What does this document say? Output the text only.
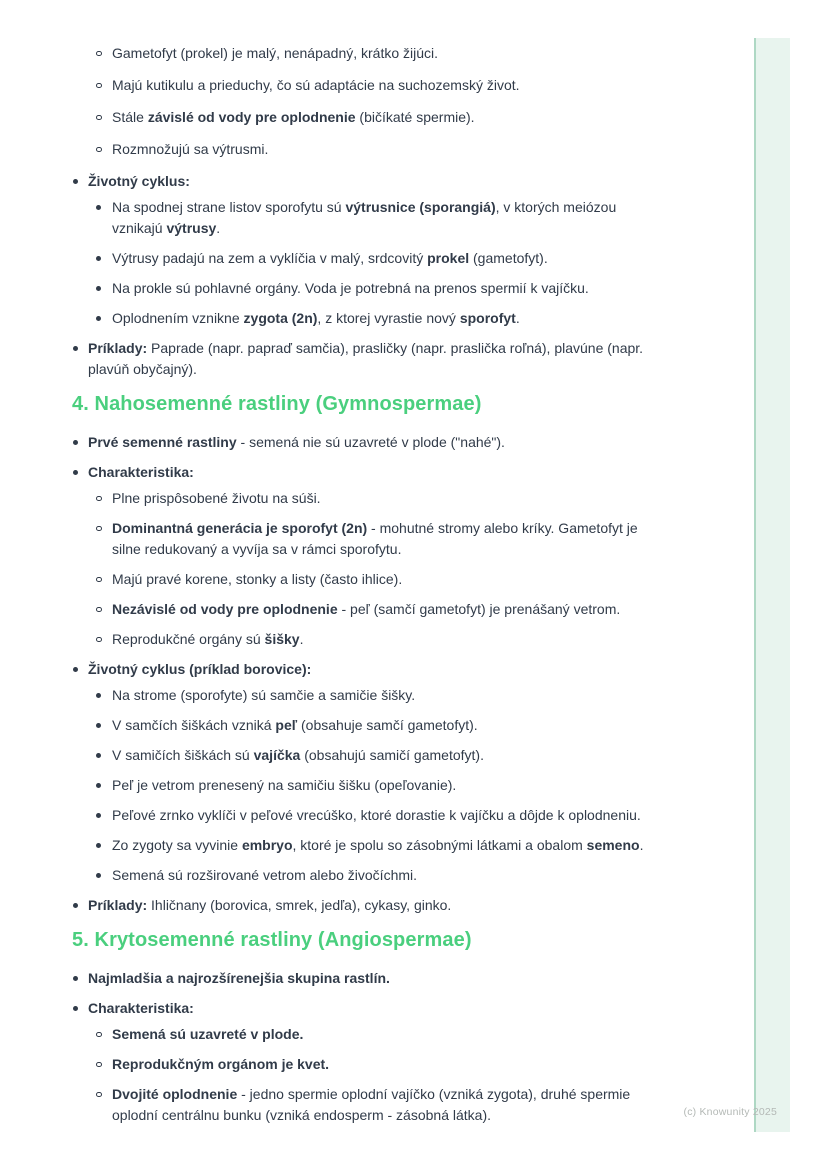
(c) Knowunity 2025
Gametofyt (prokel) je malý, nenápadný, krátko žijúci.
Majú kutikulu a prieduchy, čo sú adaptácie na suchozemský život.
Stále závislé od vody pre oplodnenie (bičíkaté spermie).
Rozmnožujú sa výtrusmi.
Životný cyklus:
Na spodnej strane listov sporofytu sú výtrusnice (sporangiá), v ktorých meiózou
vznikajú výtrusy.
Výtrusy padajú na zem a vyklíčia v malý, srdcovitý prokel (gametofyt).
Na prokle sú pohlavné orgány. Voda je potrebná na prenos spermií k vajíčku.
Oplodnením vznikne zygota (2n), z ktorej vyrastie nový sporofyt.
Príklady: Paprade (napr. papraď samčia), prasličky (napr. praslička roľná), plavúne (napr.
plavúň obyčajný).
4. Nahosemenné rastliny (Gymnospermae)
Prvé semenné rastliny - semená nie sú uzavreté v plode ("nahé").
Charakteristika:
Plne prispôsobené životu na súši.
Dominantná generácia je sporofyt (2n) - mohutné stromy alebo kríky. Gametofyt je
silne redukovaný a vyvíja sa v rámci sporofytu.
Majú pravé korene, stonky a listy (často ihlice).
Nezávislé od vody pre oplodnenie - peľ (samčí gametofyt) je prenášaný vetrom.
Reprodukčné orgány sú šišky.
Životný cyklus (príklad borovice):
Na strome (sporofyte) sú samčie a samičie šišky.
V samčích šiškách vzniká peľ (obsahuje samčí gametofyt).
V samičích šiškách sú vajíčka (obsahujú samičí gametofyt).
Peľ je vetrom prenesený na samičiu šišku (opeľovanie).
Peľové zrnko vyklíči v peľové vrecúško, ktoré dorastie k vajíčku a dôjde k oplodneniu.
Zo zygoty sa vyvinie embryo, ktoré je spolu so zásobnými látkami a obalom semeno.
Semená sú rozširované vetrom alebo živočíchmi.
Príklady: Ihličnany (borovica, smrek, jedľa), cykasy, ginko.
5. Krytosemenné rastliny (Angiospermae)
Najmladšia a najrozšírenejšia skupina rastlín.
Charakteristika:
Semená sú uzavreté v plode.
Reprodukčným orgánom je kvet.
Dvojité oplodnenie - jedno spermie oplodní vajíčko (vzniká zygota), druhé spermie
oplodní centrálnu bunku (vzniká endosperm - zásobná látka).
